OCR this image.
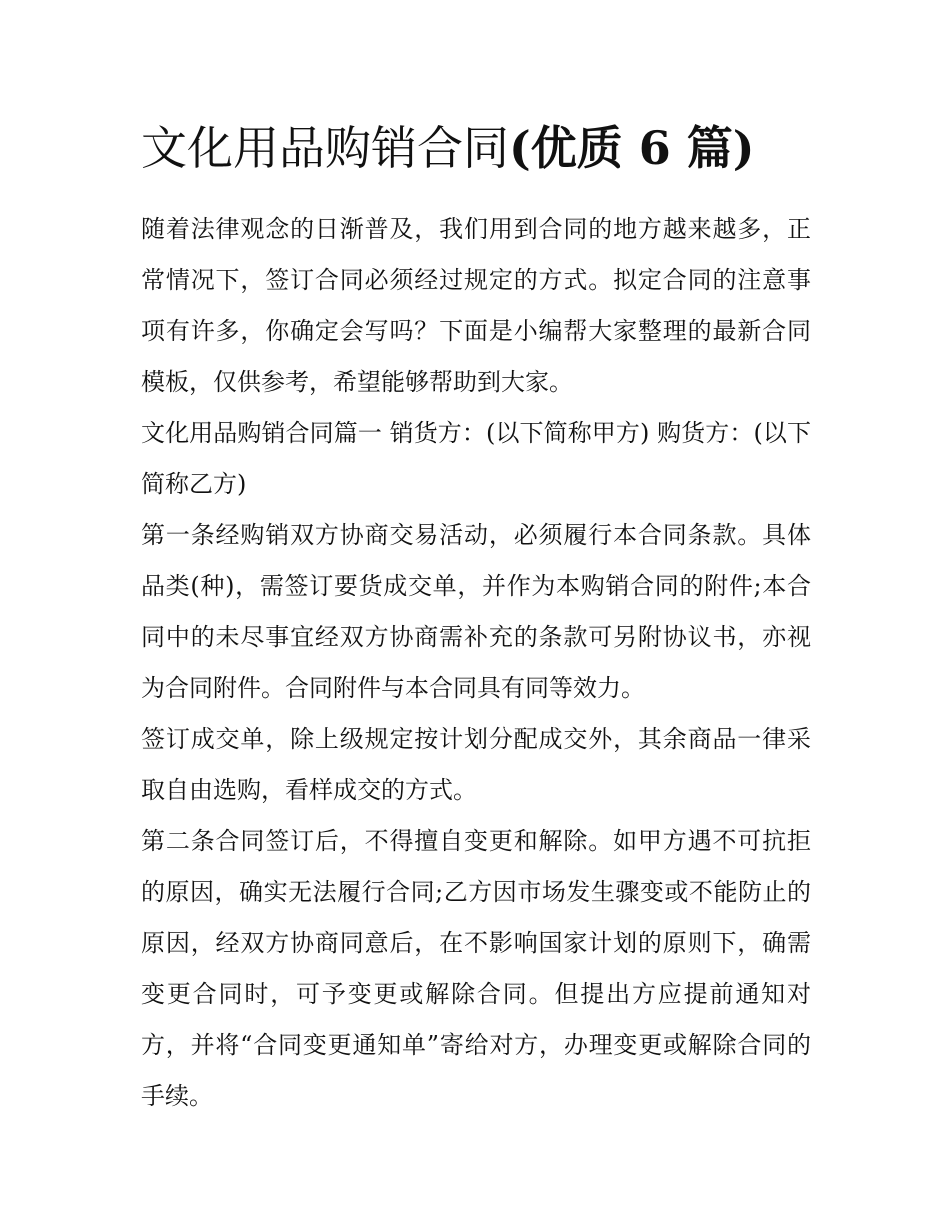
文化用品购销合同(优质 6 篇)

随着法律观念的日渐普及，我们用到合同的地方越来越多，正常情况下，签订合同必须经过规定的方式。拟定合同的注意事项有许多，你确定会写吗？下面是小编帮大家整理的最新合同模板，仅供参考，希望能够帮助到大家。

文化用品购销合同篇一 销货方：(以下简称甲方) 购货方：(以下简称乙方)

第一条经购销双方协商交易活动，必须履行本合同条款。具体品类(种)，需签订要货成交单，并作为本购销合同的附件;本合同中的未尽事宜经双方协商需补充的条款可另附协议书，亦视为合同附件。合同附件与本合同具有同等效力。

签订成交单，除上级规定按计划分配成交外，其余商品一律采取自由选购，看样成交的方式。

第二条合同签订后，不得擅自变更和解除。如甲方遇不可抗拒的原因，确实无法履行合同;乙方因市场发生骤变或不能防止的原因，经双方协商同意后，在不影响国家计划的原则下，确需变更合同时，可予变更或解除合同。但提出方应提前通知对方，并将“合同变更通知单”寄给对方，办理变更或解除合同的手续。
